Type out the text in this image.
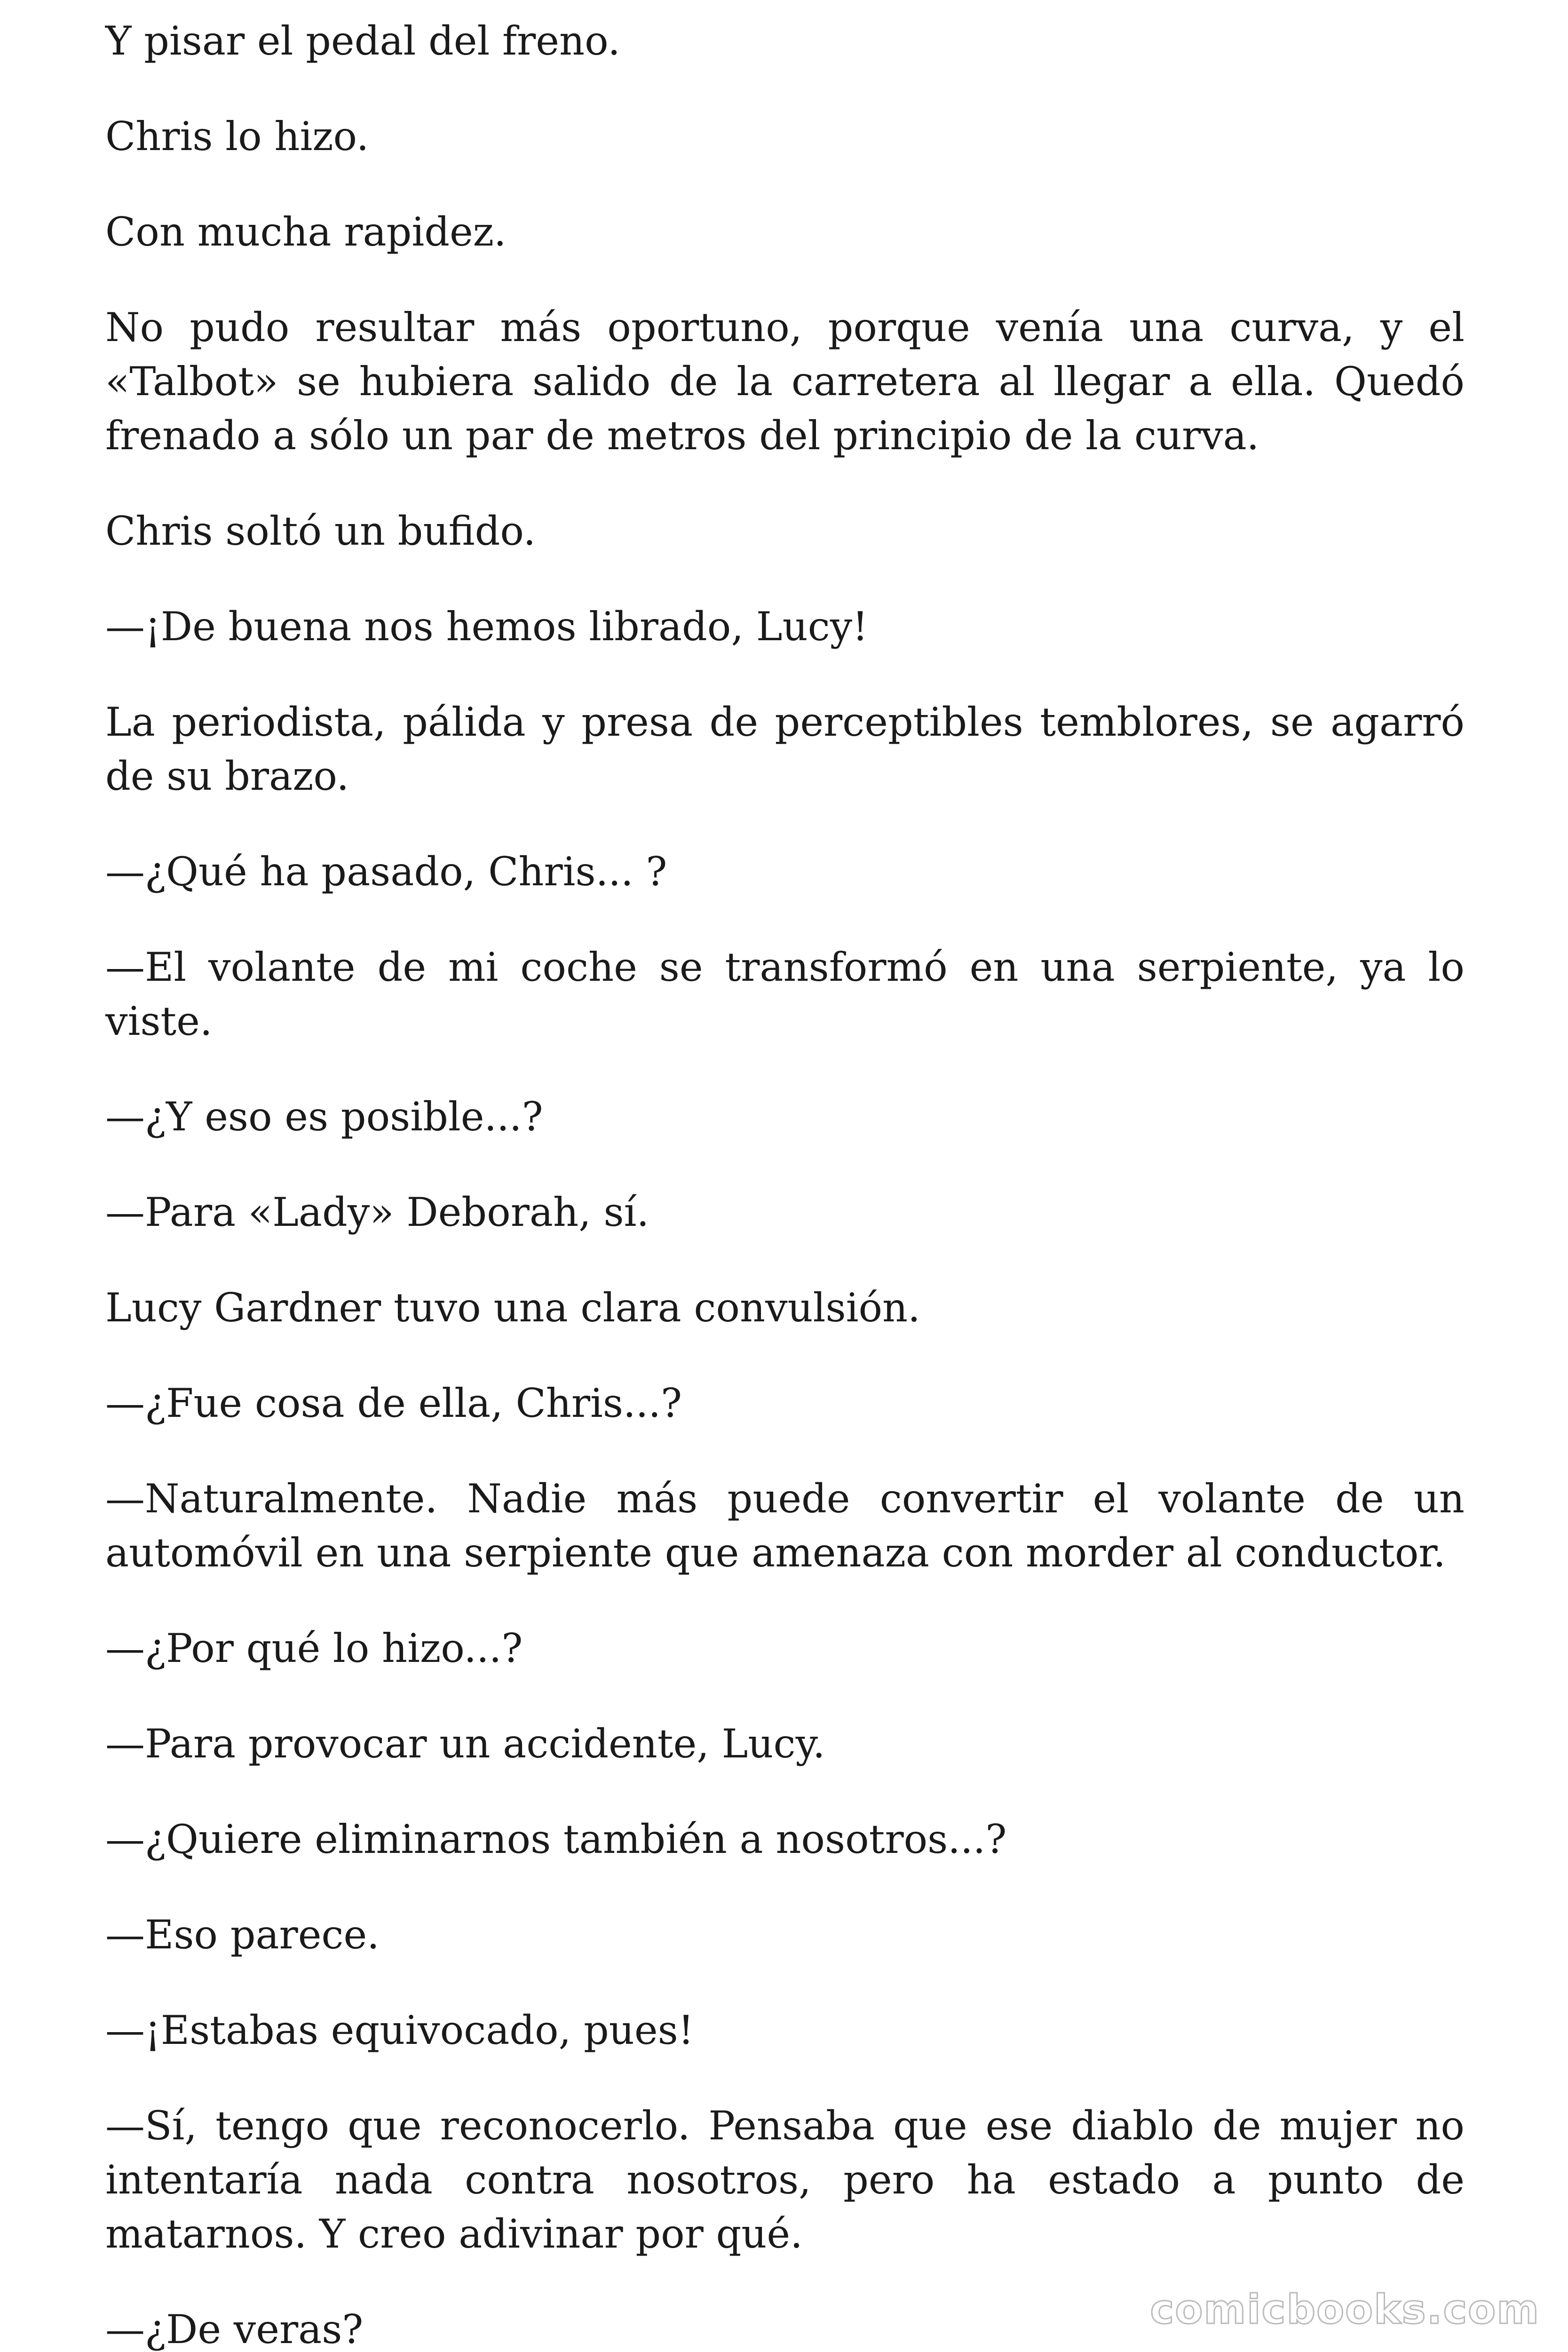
Y pisar el pedal del freno.

Chris lo hizo.

Con mucha rapidez.

No pudo resultar más oportuno, porque venía una curva, y el «Talbot» se hubiera salido de la carretera al llegar a ella. Quedó frenado a sólo un par de metros del principio de la curva.

Chris soltó un bufido.

—¡De buena nos hemos librado, Lucy!

La periodista, pálida y presa de perceptibles temblores, se agarró de su brazo.

—¿Qué ha pasado, Chris... ?

—El volante de mi coche se transformó en una serpiente, ya lo viste.

—¿Y eso es posible...?

—Para «Lady» Deborah, sí.

Lucy Gardner tuvo una clara convulsión.

—¿Fue cosa de ella, Chris...?

—Naturalmente. Nadie más puede convertir el volante de un automóvil en una serpiente que amenaza con morder al conductor.

—¿Por qué lo hizo...?

—Para provocar un accidente, Lucy.

—¿Quiere eliminarnos también a nosotros...?

—Eso parece.

—¡Estabas equivocado, pues!

—Sí, tengo que reconocerlo. Pensaba que ese diablo de mujer no intentaría nada contra nosotros, pero ha estado a punto de matarnos. Y creo adivinar por qué.

—¿De veras?	comicbooks.com
